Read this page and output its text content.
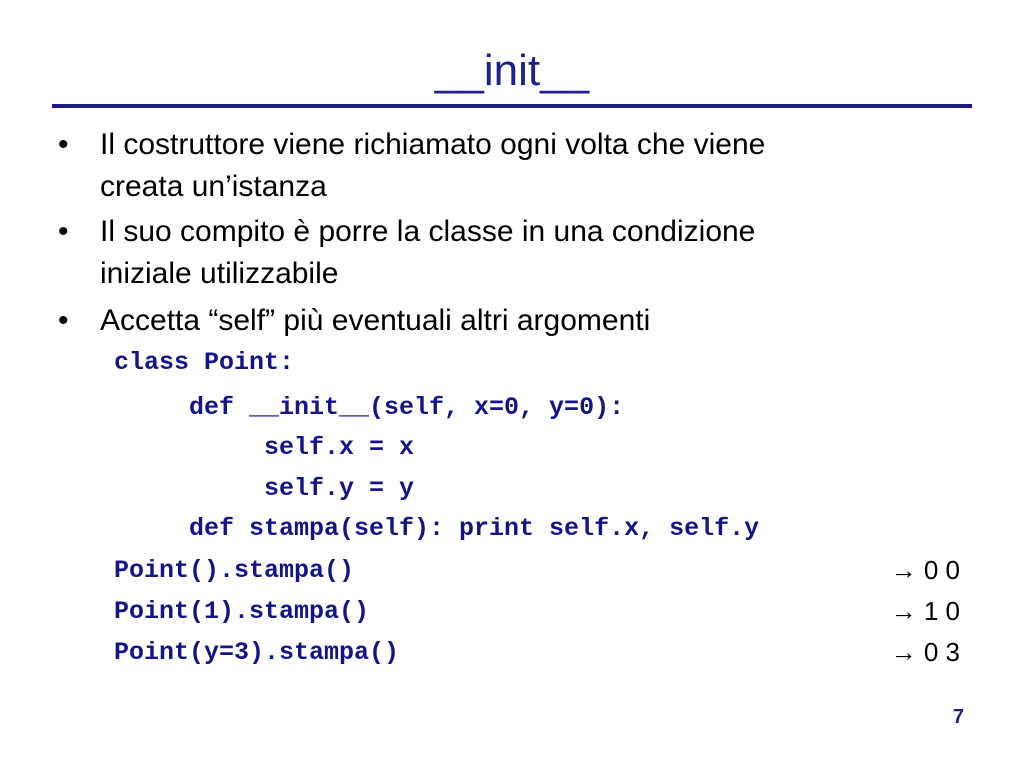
__init__
• Il costruttore viene richiamato ogni volta che viene
creata un’istanza
• Il suo compito è porre la classe in una condizione
iniziale utilizzabile
• Accetta “self” più eventuali altri argomenti
class Point:
def __init__(self, x=0, y=0):
self.x = x
self.y = y
def stampa(self): print self.x, self.y
Point().stampa()	→ 0 0
Point(1).stampa()	→ 1 0
Point(y=3).stampa()	→ 0 3
7
